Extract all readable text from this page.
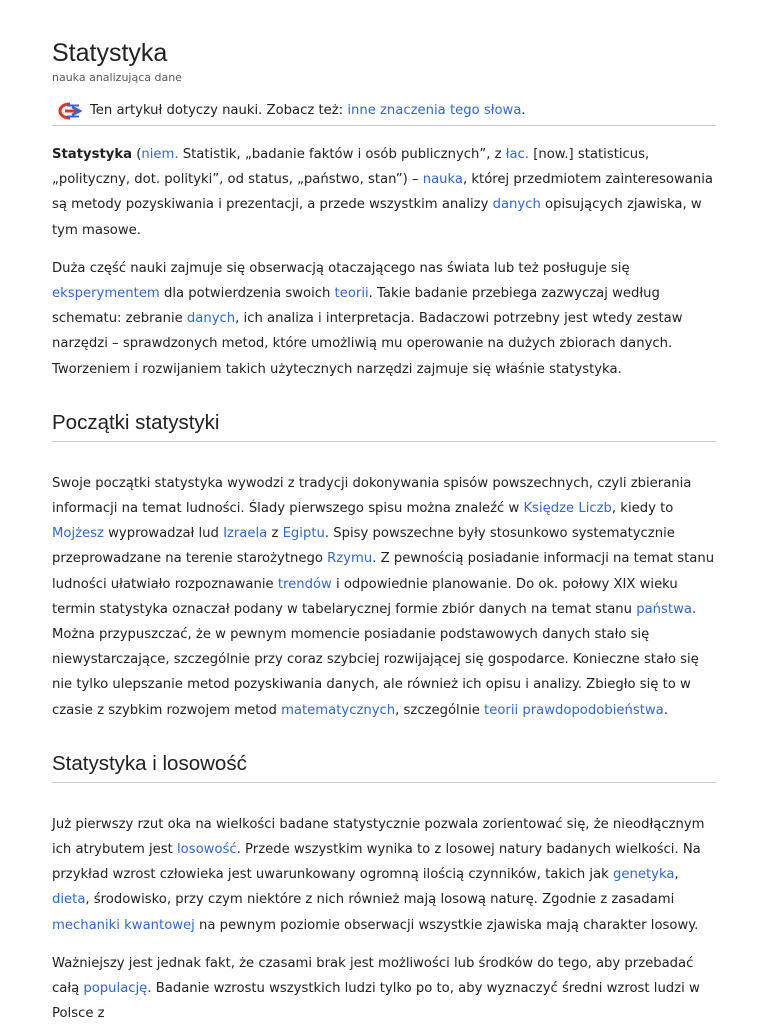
Statystyka
nauka analizująca dane
Ten artykuł dotyczy nauki. Zobacz też: inne znaczenia tego słowa.

Statystyka (niem. Statistik, „badanie faktów i osób publicznych”, z łac. [now.] statisticus, „polityczny, dot. polityki”, od status, „państwo, stan”) – nauka, której przedmiotem zainteresowania są metody pozyskiwania i prezentacji, a przede wszystkim analizy danych opisujących zjawiska, w tym masowe.

Duża część nauki zajmuje się obserwacją otaczającego nas świata lub też posługuje się eksperymentem dla potwierdzenia swoich teorii. Takie badanie przebiega zazwyczaj według schematu: zebranie danych, ich analiza i interpretacja. Badaczowi potrzebny jest wtedy zestaw narzędzi – sprawdzonych metod, które umożliwią mu operowanie na dużych zbiorach danych.
Tworzeniem i rozwijaniem takich użytecznych narzędzi zajmuje się właśnie statystyka.

Początki statystyki

Swoje początki statystyka wywodzi z tradycji dokonywania spisów powszechnych, czyli zbierania informacji na temat ludności. Ślady pierwszego spisu można znaleźć w Księdze Liczb, kiedy to Mojżesz wyprowadzał lud Izraela z Egiptu. Spisy powszechne były stosunkowo systematycznie przeprowadzane na terenie starożytnego Rzymu. Z pewnością posiadanie informacji na temat stanu ludności ułatwiało rozpoznawanie trendów i odpowiednie planowanie. Do ok. połowy XIX wieku termin statystyka oznaczał podany w tabelarycznej formie zbiór danych na temat stanu państwa. Można przypuszczać, że w pewnym momencie posiadanie podstawowych danych stało się niewystarczające, szczególnie przy coraz szybciej rozwijającej się gospodarce. Konieczne stało się nie tylko ulepszanie metod pozyskiwania danych, ale również ich opisu i analizy. Zbiegło się to w czasie z szybkim rozwojem metod matematycznych, szczególnie teorii prawdopodobieństwa.

Statystyka i losowość

Już pierwszy rzut oka na wielkości badane statystycznie pozwala zorientować się, że nieodłącznym ich atrybutem jest losowość. Przede wszystkim wynika to z losowej natury badanych wielkości. Na przykład wzrost człowieka jest uwarunkowany ogromną ilością czynników, takich jak genetyka, dieta, środowisko, przy czym niektóre z nich również mają losową naturę. Zgodnie z zasadami mechaniki kwantowej na pewnym poziomie obserwacji wszystkie zjawiska mają charakter losowy.

Ważniejszy jest jednak fakt, że czasami brak jest możliwości lub środków do tego, aby przebadać całą populację. Badanie wzrostu wszystkich ludzi tylko po to, aby wyznaczyć średni wzrost ludzi w Polsce z
